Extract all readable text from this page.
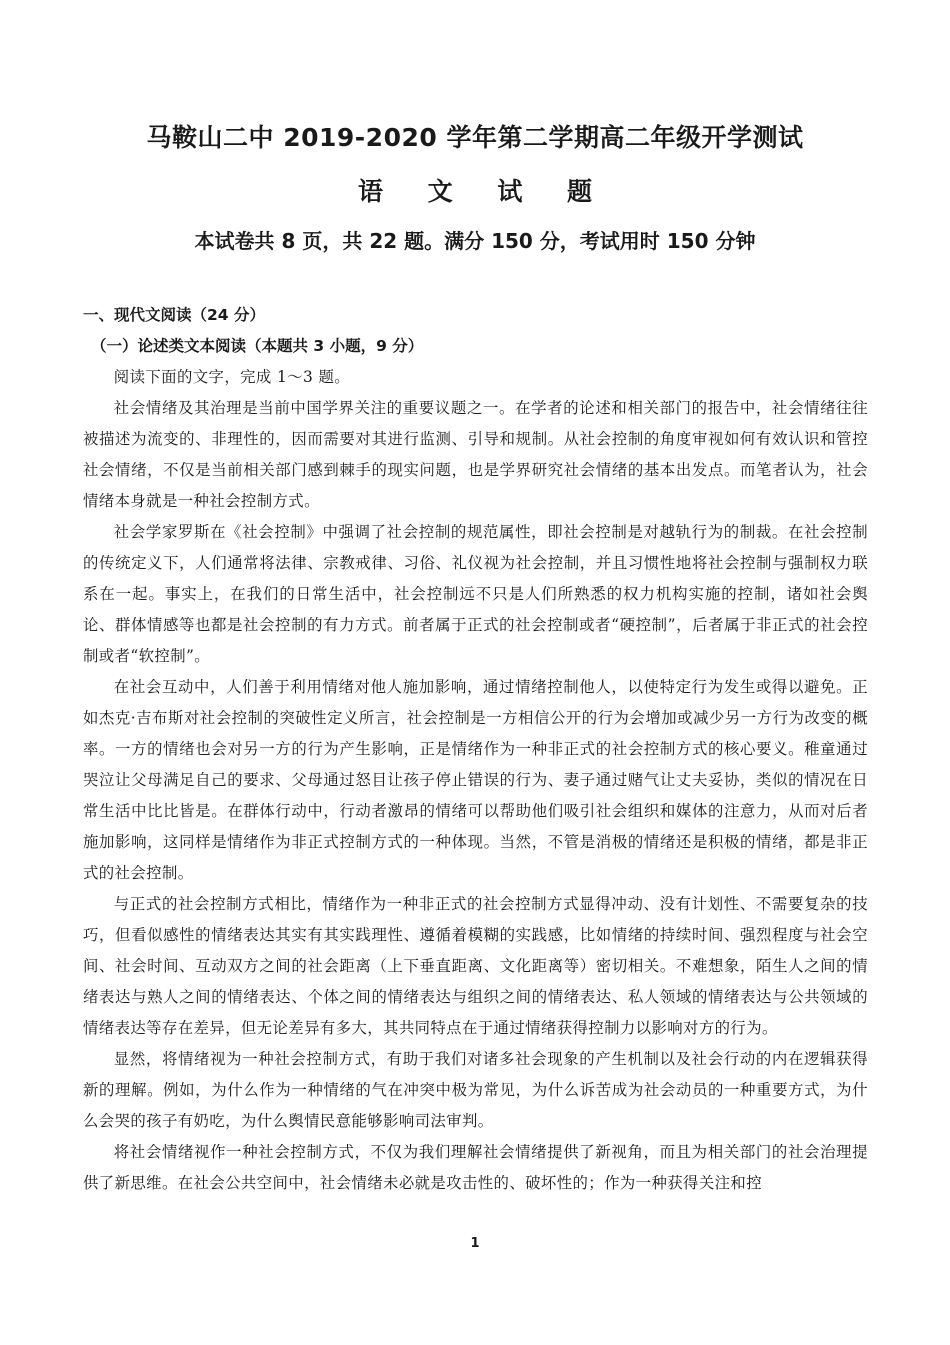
马鞍山二中 2019-2020 学年第二学期高二年级开学测试
语 文 试 题
本试卷共 8 页，共 22 题。满分 150 分，考试用时 150 分钟
一、现代文阅读（24 分）
（一）论述类文本阅读（本题共 3 小题，9 分）

阅读下面的文字，完成 1～3 题。

社会情绪及其治理是当前中国学界关注的重要议题之一。在学者的论述和相关部门的报告中，社会情绪往往被描述为流变的、非理性的，因而需要对其进行监测、引导和规制。从社会控制的角度审视如何有效认识和管控社会情绪，不仅是当前相关部门感到棘手的现实问题，也是学界研究社会情绪的基本出发点。而笔者认为，社会情绪本身就是一种社会控制方式。

社会学家罗斯在《社会控制》中强调了社会控制的规范属性，即社会控制是对越轨行为的制裁。在社会控制的传统定义下，人们通常将法律、宗教戒律、习俗、礼仪视为社会控制，并且习惯性地将社会控制与强制权力联系在一起。事实上，在我们的日常生活中，社会控制远不只是人们所熟悉的权力机构实施的控制，诸如社会舆论、群体情感等也都是社会控制的有力方式。前者属于正式的社会控制或者“硬控制”，后者属于非正式的社会控制或者“软控制”。

在社会互动中，人们善于利用情绪对他人施加影响，通过情绪控制他人，以使特定行为发生或得以避免。正如杰克·吉布斯对社会控制的突破性定义所言，社会控制是一方相信公开的行为会增加或减少另一方行为改变的概率。一方的情绪也会对另一方的行为产生影响，正是情绪作为一种非正式的社会控制方式的核心要义。稚童通过哭泣让父母满足自己的要求、父母通过怒目让孩子停止错误的行为、妻子通过赌气让丈夫妥协，类似的情况在日常生活中比比皆是。在群体行动中，行动者激昂的情绪可以帮助他们吸引社会组织和媒体的注意力，从而对后者施加影响，这同样是情绪作为非正式控制方式的一种体现。当然，不管是消极的情绪还是积极的情绪，都是非正式的社会控制。

与正式的社会控制方式相比，情绪作为一种非正式的社会控制方式显得冲动、没有计划性、不需要复杂的技巧，但看似感性的情绪表达其实有其实践理性、遵循着模糊的实践感，比如情绪的持续时间、强烈程度与社会空间、社会时间、互动双方之间的社会距离（上下垂直距离、文化距离等）密切相关。不难想象，陌生人之间的情绪表达与熟人之间的情绪表达、个体之间的情绪表达与组织之间的情绪表达、私人领域的情绪表达与公共领域的情绪表达等存在差异，但无论差异有多大，其共同特点在于通过情绪获得控制力以影响对方的行为。

显然，将情绪视为一种社会控制方式，有助于我们对诸多社会现象的产生机制以及社会行动的内在逻辑获得新的理解。例如，为什么作为一种情绪的气在冲突中极为常见，为什么诉苦成为社会动员的一种重要方式，为什么会哭的孩子有奶吃，为什么舆情民意能够影响司法审判。

将社会情绪视作一种社会控制方式，不仅为我们理解社会情绪提供了新视角，而且为相关部门的社会治理提供了新思维。在社会公共空间中，社会情绪未必就是攻击性的、破坏性的；作为一种获得关注和控

1
